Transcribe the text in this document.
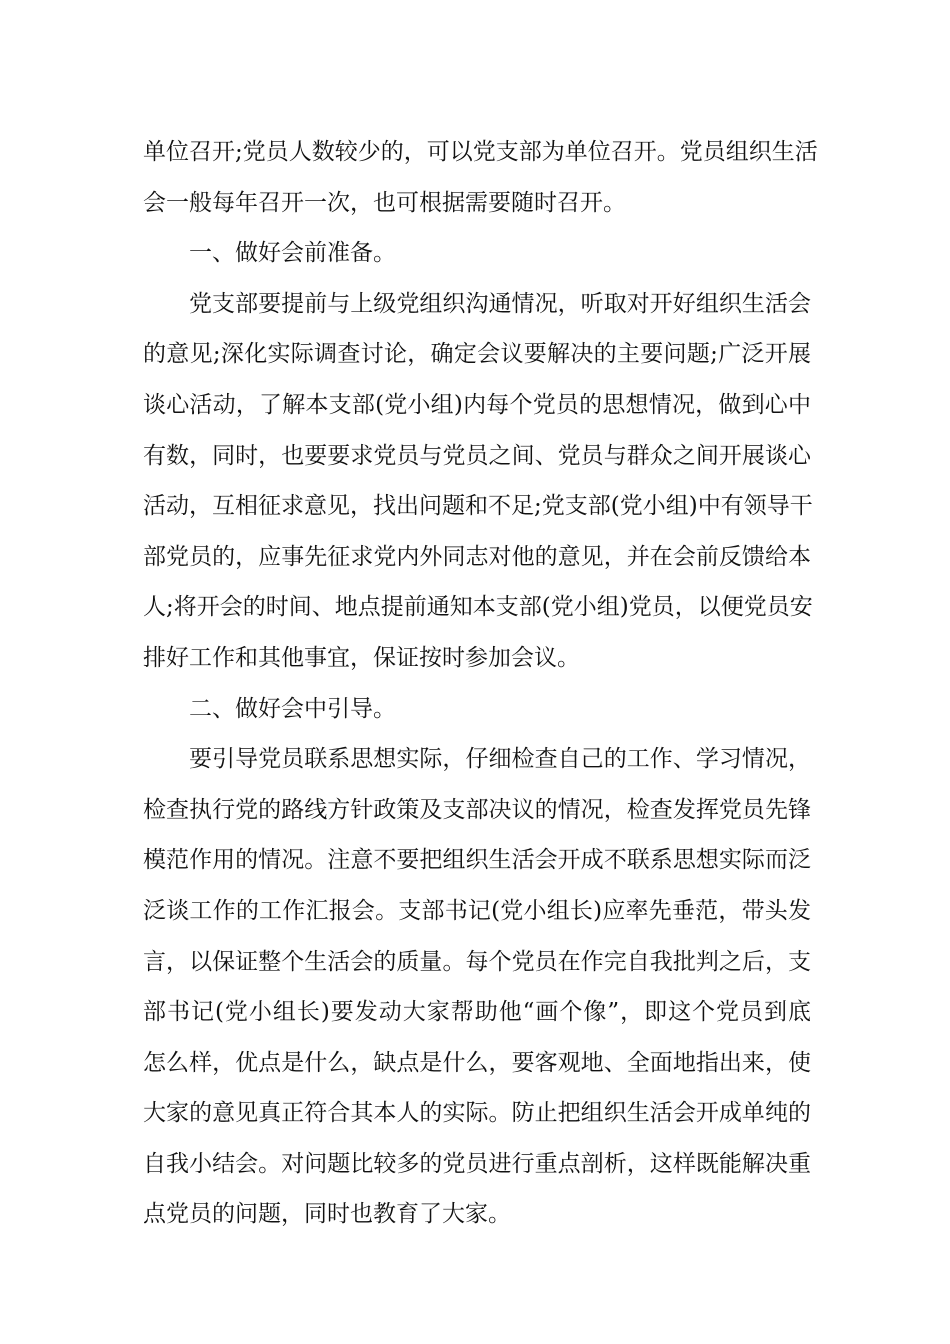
单位召开;党员人数较少的，可以党支部为单位召开。党员组织生活
会一般每年召开一次，也可根据需要随时召开。
一、做好会前准备。
党支部要提前与上级党组织沟通情况，听取对开好组织生活会
的意见;深化实际调查讨论，确定会议要解决的主要问题;广泛开展
谈心活动，了解本支部(党小组)内每个党员的思想情况，做到心中
有数，同时，也要要求党员与党员之间、党员与群众之间开展谈心
活动，互相征求意见，找出问题和不足;党支部(党小组)中有领导干
部党员的，应事先征求党内外同志对他的意见，并在会前反馈给本
人;将开会的时间、地点提前通知本支部(党小组)党员，以便党员安
排好工作和其他事宜，保证按时参加会议。
二、做好会中引导。
要引导党员联系思想实际，仔细检查自己的工作、学习情况，
检查执行党的路线方针政策及支部决议的情况，检查发挥党员先锋
模范作用的情况。注意不要把组织生活会开成不联系思想实际而泛
泛谈工作的工作汇报会。支部书记(党小组长)应率先垂范，带头发
言，以保证整个生活会的质量。每个党员在作完自我批判之后，支
部书记(党小组长)要发动大家帮助他“画个像”，即这个党员到底
怎么样，优点是什么，缺点是什么，要客观地、全面地指出来，使
大家的意见真正符合其本人的实际。防止把组织生活会开成单纯的
自我小结会。对问题比较多的党员进行重点剖析，这样既能解决重
点党员的问题，同时也教育了大家。
